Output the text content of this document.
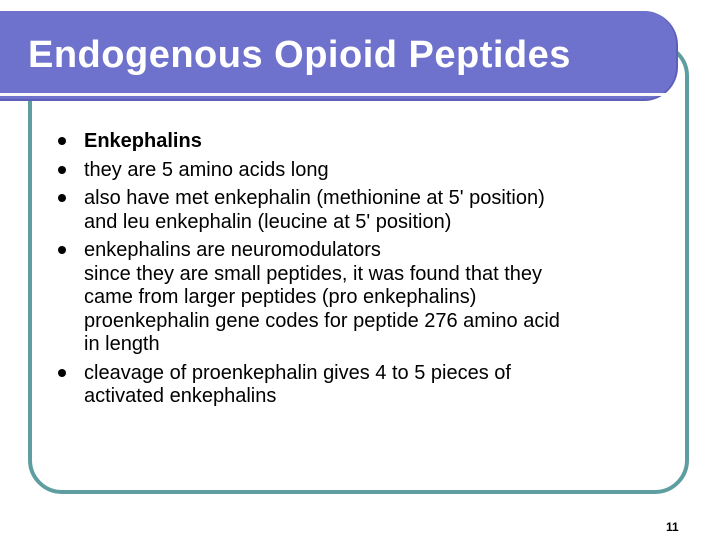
Endogenous Opioid Peptides
Enkephalins
they are 5 amino acids long
also have met enkephalin (methionine at 5' position)
and leu enkephalin (leucine at 5' position)
enkephalins are neuromodulators
since they are small peptides, it was found that they
came from larger peptides (pro enkephalins)
proenkephalin gene codes for peptide 276 amino acid
in length
cleavage of proenkephalin gives 4 to 5 pieces of
activated enkephalins
11
